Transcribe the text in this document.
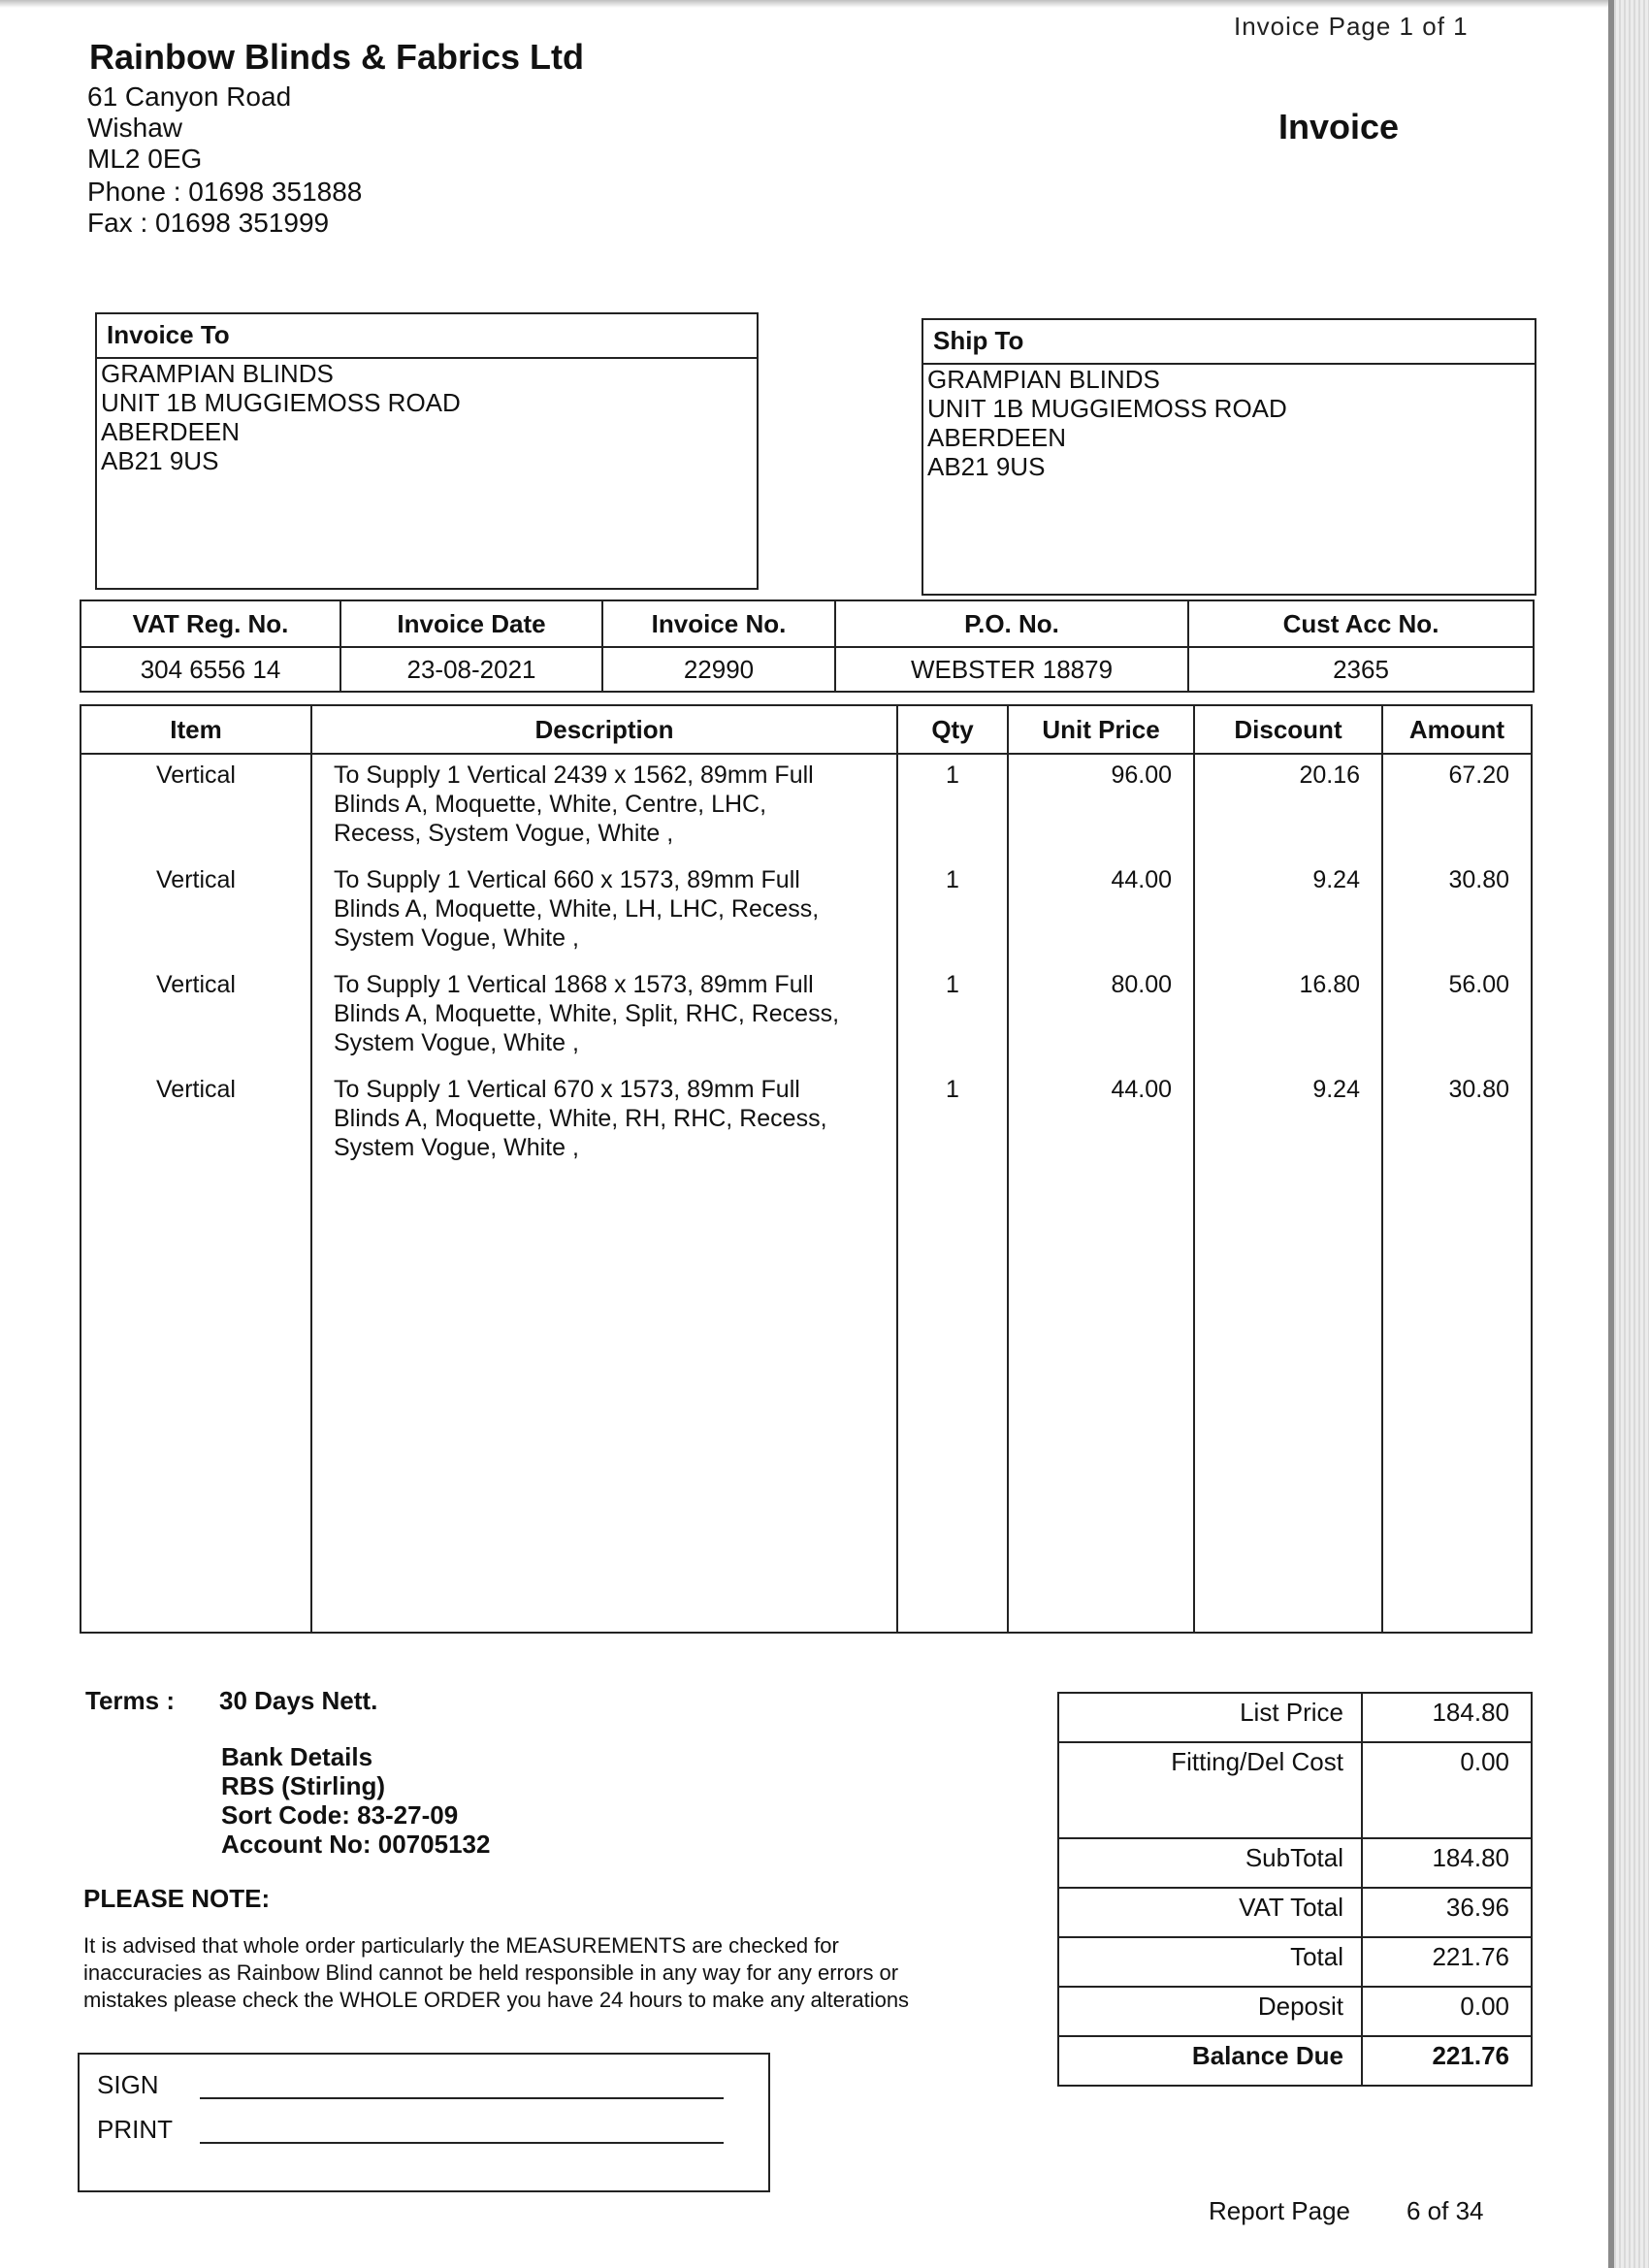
Invoice Page 1 of 1
Rainbow Blinds & Fabrics Ltd
61 Canyon Road
Wishaw
ML2 0EG
Phone : 01698 351888
Fax : 01698 351999
Invoice
Invoice To
GRAMPIAN BLINDS
UNIT 1B MUGGIEMOSS ROAD
ABERDEEN
AB21 9US
Ship To
GRAMPIAN BLINDS
UNIT 1B MUGGIEMOSS ROAD
ABERDEEN
AB21 9US
VAT Reg. No.	Invoice Date	Invoice No.	P.O. No.	Cust Acc No.
304 6556 14	23-08-2021	22990	WEBSTER 18879	2365
Item	Description	Qty	Unit Price	Discount	Amount
Vertical	To Supply 1 Vertical 2439 x 1562, 89mm Full
Blinds A, Moquette, White, Centre, LHC,
Recess, System Vogue, White ,	1	96.00	20.16	67.20
Vertical	To Supply 1 Vertical 660 x 1573, 89mm Full
Blinds A, Moquette, White, LH, LHC, Recess,
System Vogue, White ,	1	44.00	9.24	30.80
Vertical	To Supply 1 Vertical 1868 x 1573, 89mm Full
Blinds A, Moquette, White, Split, RHC, Recess,
System Vogue, White ,	1	80.00	16.80	56.00
Vertical	To Supply 1 Vertical 670 x 1573, 89mm Full
Blinds A, Moquette, White, RH, RHC, Recess,
System Vogue, White ,	1	44.00	9.24	30.80

Terms : 30 Days Nett.
Bank Details
RBS (Stirling)
Sort Code: 83-27-09
Account No: 00705132
PLEASE NOTE:
It is advised that whole order particularly the MEASUREMENTS are checked for
inaccuracies as Rainbow Blind cannot be held responsible in any way for any errors or
mistakes please check the WHOLE ORDER you have 24 hours to make any alterations
SIGN
PRINT
List Price	184.80
Fitting/Del Cost	0.00
SubTotal	184.80
VAT Total	36.96
Total	221.76
Deposit	0.00
Balance Due	221.76
Report Page 6 of 34
